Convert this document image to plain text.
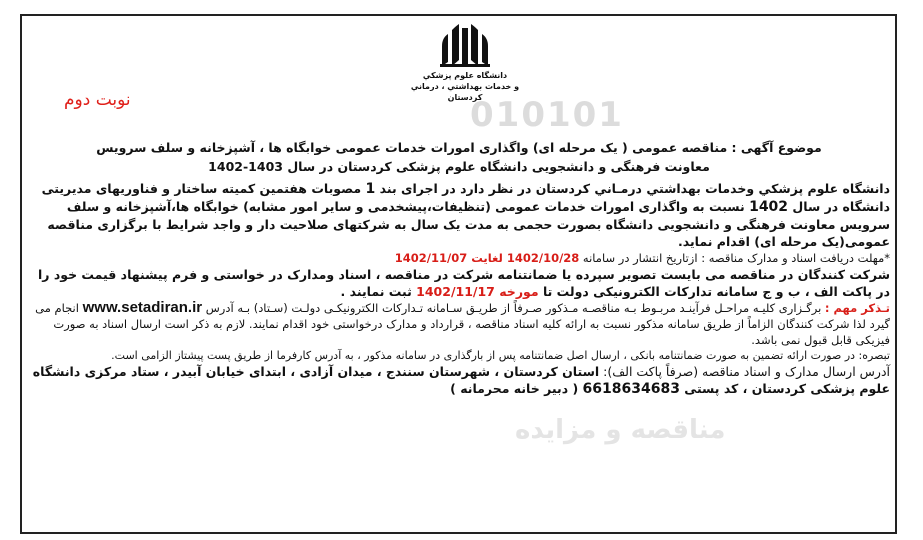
010101
مناقصه و مزایده
دانشگاه علوم پزشكي
و خدمات بهداشتي ، درماني
كردستان
نوبت دوم

موضوع آگهی : مناقصه عمومی ( یک مرحله ای) واگذاری امورات خدمات عمومی خوابگاه ها ، آشپزخانه و سلف سرویس

معاونت فرهنگی و دانشجویی دانشگاه علوم پزشکی کردستان در سال 1403-1402

دانشگاه علوم پزشكي وخدمات بهداشتي درمـاني كردستان در نظر دارد در اجرای بند 1 مصوبات هفتمین کمیته ساختار و فناوریهای مدیریتی دانشگاه در سال 1402 نسبت به واگذاری امورات خدمات عمومی (تنظیفات،پیشخدمی و سایر امور مشابه) خوابگاه ها،آشپزخانه و سلف سرویس معاونت فرهنگی و دانشجویی دانشگاه بصورت حجمی به مدت یک سال به شرکتهای صلاحیت دار و واجد شرایط با برگزاری مناقصه عمومی(یک مرحله ای) اقدام نماید.

*مهلت دریافت اسناد و مدارک مناقصه : ازتاریخ انتشار در سامانه 1402/10/28 لغایت 1402/11/07

شرکت کنندگان در مناقصه می بایست تصویر سپرده یا ضمانتنامه شرکت در مناقصه ، اسناد ومدارک در خواستی و فرم پیشنهاد قیمت خود را در پاکت الف ، ب و ج سامانه تدارکات الکترونیکی دولت تا مورخه 1402/11/17 ثبت نمایند .

تـذکر مهم : برگـزاری کلیـه مراحـل فرآینـد مربـوط بـه مناقصـه مـذکور صـرفاً از طریـق سـامانه تـدارکات الکترونیکـی دولـت (سـتاد) بـه آدرس www.setadiran.ir انجام می گیرد لذا شرکت کنندگان الزاماً از طریق سامانه مذکور نسبت به ارائه کلیه اسناد مناقصه ، قرارداد و مدارک درخواستی خود اقدام نمایند. لازم به ذکر است ارسال اسناد به صورت فیزیکی قابل قبول نمی باشد.

تبصره: در صورت ارائه تضمین به صورت ضمانتنامه بانکی ، ارسال اصل ضمانتنامه پس از بارگذاری در سامانه مذکور ، به آدرس کارفرما از طریق پست پیشتاز الزامی است.

آدرس ارسال مدارک و اسناد مناقصه (صرفاً پاکت الف): استان کردستان ، شهرستان سنندج ، میدان آزادی ، ابتدای خیابان آبیدر ، ستاد مرکزی دانشگاه علوم پزشکی کردستان ، کد پستی 6618634683 ( دبیر خانه محرمانه )
